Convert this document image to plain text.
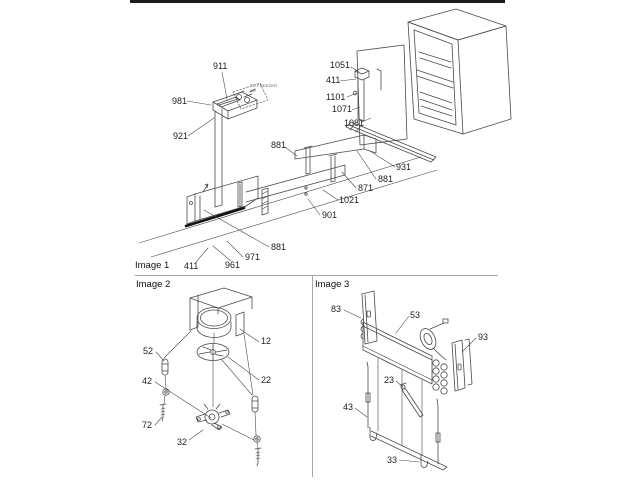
Image 1
Image 2	Image 3
TO FREEZER
DR
911
981
921
1051
411
1101
1071
1081
881
931
881
871
1021
901
881
971
961
411
12
52
42
72
22
32
83
53
93
23
43
33
